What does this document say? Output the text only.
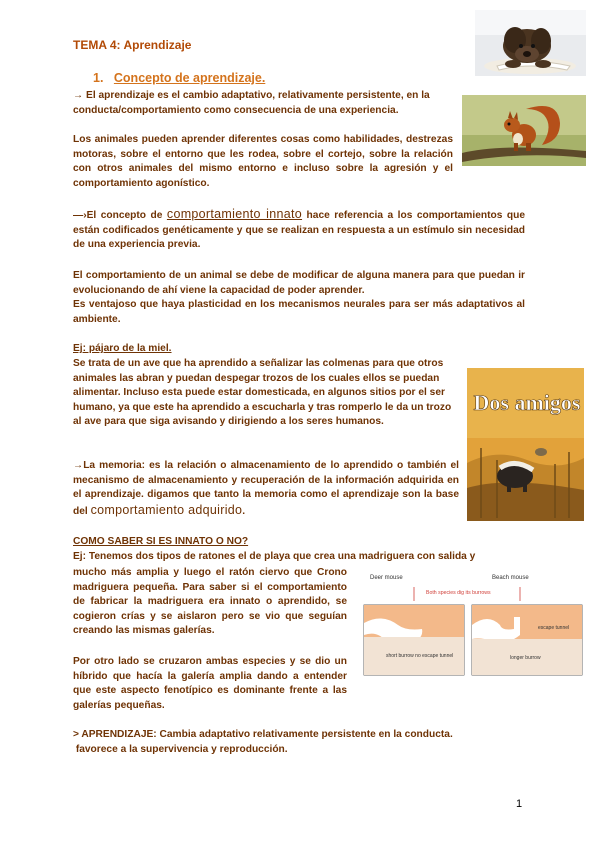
TEMA 4: Aprendizaje
1. Concepto de aprendizaje.
→ El aprendizaje es el cambio adaptativo, relativamente persistente, en la conducta/comportamiento como consecuencia de una experiencia.
Los animales pueden aprender diferentes cosas como habilidades, destrezas motoras, sobre el entorno que les rodea, sobre el cortejo, sobre la relación con otros animales del mismo entorno e incluso sobre la agresión y el comportamiento agonístico.
—›El concepto de comportamiento innato hace referencia a los comportamientos que están codificados genéticamente y que se realizan en respuesta a un estímulo sin necesidad de una experiencia previa.
El comportamiento de un animal se debe de modificar de alguna manera para que puedan ir evolucionando de ahí viene la capacidad de poder aprender.
Es ventajoso que haya plasticidad en los mecanismos neurales para ser más adaptativos al ambiente.
Ej: pájaro de la miel.
Se trata de un ave que ha aprendido a señalizar las colmenas para que otros animales las abran y puedan despegar trozos de los cuales ellos se puedan alimentar. Incluso esta puede estar domesticada, en algunos sitios por el ser humano, ya que este ha aprendido a escucharla y tras romperlo le da un trozo al ave para que siga avisando y dirigiendo a los seres humanos.
Dos amigos
→La memoria: es la relación o almacenamiento de lo aprendido o también el mecanismo de almacenamiento y recuperación de la información adquirida en el aprendizaje. digamos que tanto la memoria como el aprendizaje son la base del comportamiento adquirido.
COMO SABER SI ES INNATO O NO?
Ej: Tenemos dos tipos de ratones el de playa que crea una madriguera con salida y
mucho más amplia y luego el ratón ciervo que Crono madriguera pequeña. Para saber si el comportamiento de fabricar la madriguera era innato o aprendido, se cogieron crías y se aislaron pero se vio que seguían creando las mismas galerías.
Por otro lado se cruzaron ambas especies y se dio un híbrido que hacía la galería amplia dando a entender que este aspecto fenotípico es dominante frente a las galerías pequeñas.
Deer mouse	Beach mouse
Both species dig its burrows
short burrow no escape tunnel
escape tunnel
longer burrow
> APRENDIZAJE: Cambia adaptativo relativamente persistente en la conducta.
favorece a la supervivencia y reproducción.
1
